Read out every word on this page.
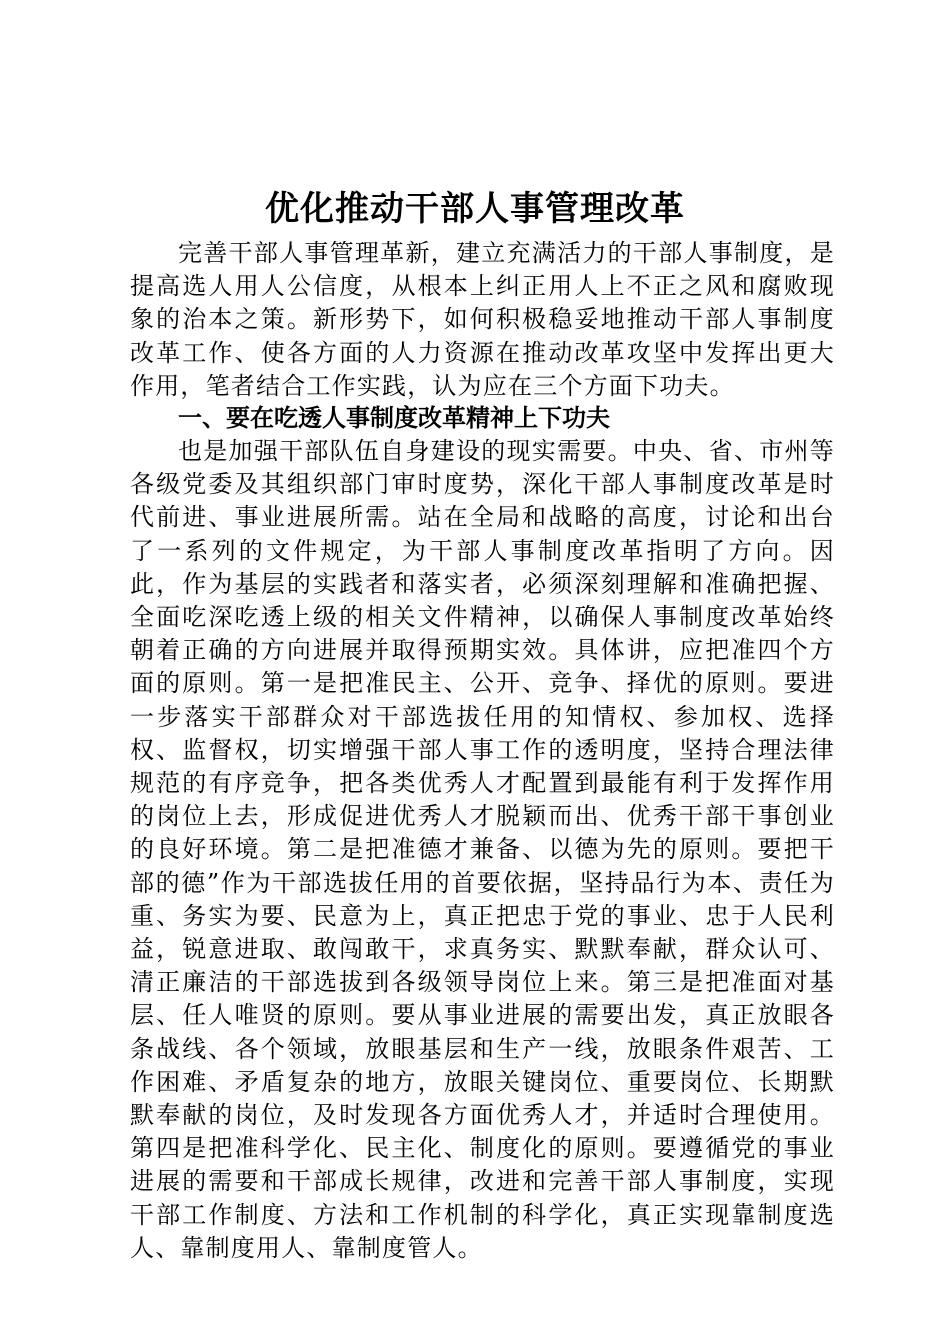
优化推动干部人事管理改革

完善干部人事管理革新，建立充满活力的干部人事制度，是提高选人用人公信度，从根本上纠正用人上不正之风和腐败现象的治本之策。新形势下，如何积极稳妥地推动干部人事制度改革工作、使各方面的人力资源在推动改革攻坚中发挥出更大作用，笔者结合工作实践，认为应在三个方面下功夫。

一、要在吃透人事制度改革精神上下功夫

也是加强干部队伍自身建设的现实需要。中央、省、市州等各级党委及其组织部门审时度势，深化干部人事制度改革是时代前进、事业进展所需。站在全局和战略的高度，讨论和出台了一系列的文件规定，为干部人事制度改革指明了方向。因此，作为基层的实践者和落实者，必须深刻理解和准确把握、全面吃深吃透上级的相关文件精神，以确保人事制度改革始终朝着正确的方向进展并取得预期实效。具体讲，应把准四个方面的原则。第一是把准民主、公开、竞争、择优的原则。要进一步落实干部群众对干部选拔任用的知情权、参加权、选择权、监督权，切实增强干部人事工作的透明度，坚持合理法律规范的有序竞争，把各类优秀人才配置到最能有利于发挥作用的岗位上去，形成促进优秀人才脱颖而出、优秀干部干事创业的良好环境。第二是把准德才兼备、以德为先的原则。要把干部的德”作为干部选拔任用的首要依据，坚持品行为本、责任为重、务实为要、民意为上，真正把忠于党的事业、忠于人民利益，锐意进取、敢闯敢干，求真务实、默默奉献，群众认可、清正廉洁的干部选拔到各级领导岗位上来。第三是把准面对基层、任人唯贤的原则。要从事业进展的需要出发，真正放眼各条战线、各个领域，放眼基层和生产一线，放眼条件艰苦、工作困难、矛盾复杂的地方，放眼关键岗位、重要岗位、长期默默奉献的岗位，及时发现各方面优秀人才，并适时合理使用。第四是把准科学化、民主化、制度化的原则。要遵循党的事业进展的需要和干部成长规律，改进和完善干部人事制度，实现干部工作制度、方法和工作机制的科学化，真正实现靠制度选人、靠制度用人、靠制度管人。
